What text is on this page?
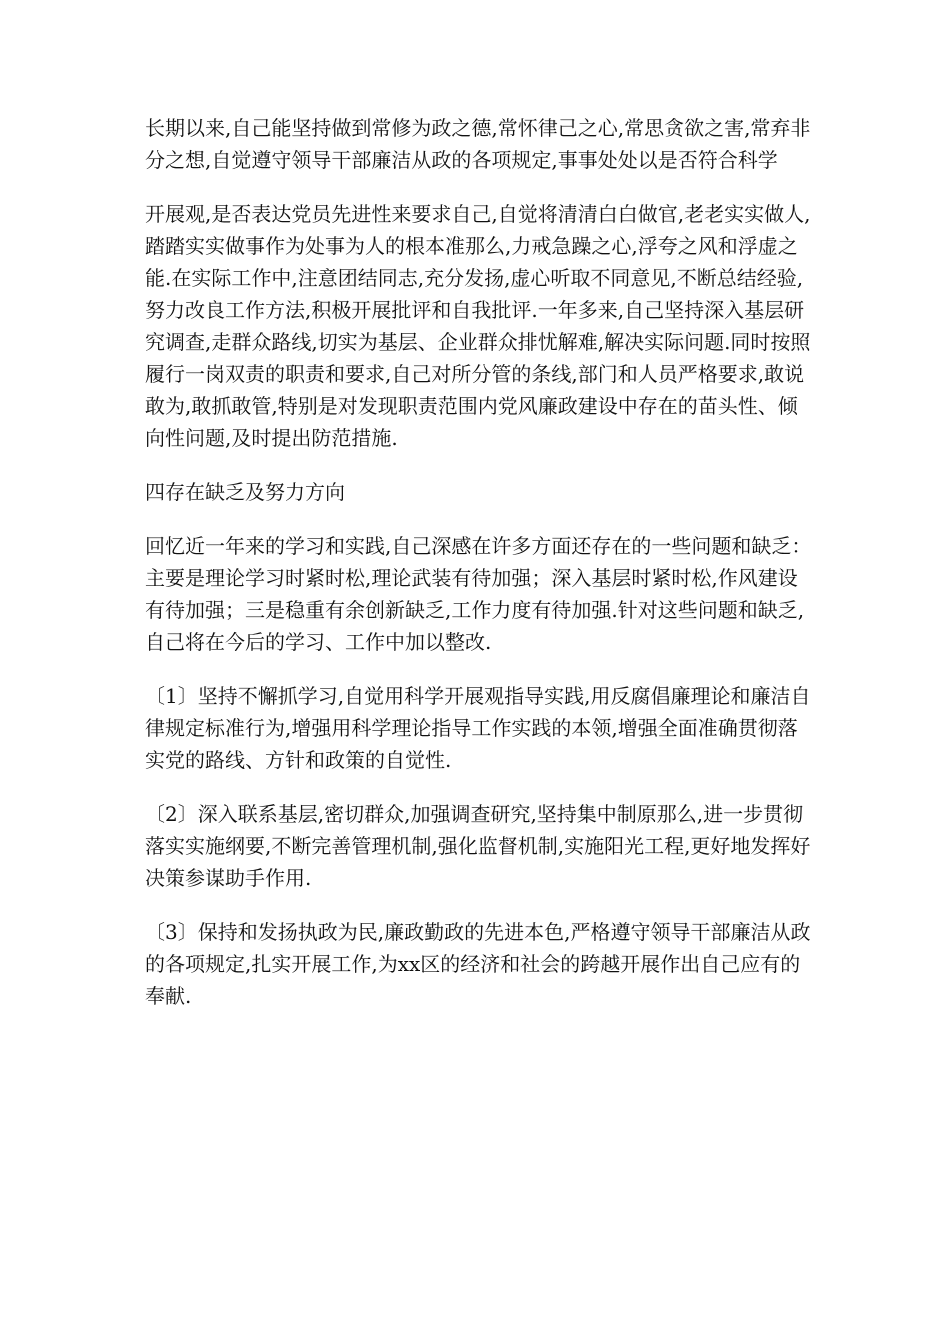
长期以来,自己能坚持做到常修为政之德,常怀律己之心,常思贪欲之害,常弃非分之想,自觉遵守领导干部廉洁从政的各项规定,事事处处以是否符合科学

开展观,是否表达党员先进性来要求自己,自觉将清清白白做官,老老实实做人,踏踏实实做事作为处事为人的根本准那么,力戒急躁之心,浮夸之风和浮虚之能.在实际工作中,注意团结同志,充分发扬,虚心听取不同意见,不断总结经验,努力改良工作方法,积极开展批评和自我批评.一年多来,自己坚持深入基层研究调查,走群众路线,切实为基层、企业群众排忧解难,解决实际问题.同时按照履行一岗双责的职责和要求,自己对所分管的条线,部门和人员严格要求,敢说敢为,敢抓敢管,特别是对发现职责范围内党风廉政建设中存在的苗头性、倾向性问题,及时提出防范措施.

四存在缺乏及努力方向

回忆近一年来的学习和实践,自己深感在许多方面还存在的一些问题和缺乏：主要是理论学习时紧时松,理论武装有待加强；深入基层时紧时松,作风建设有待加强；三是稳重有余创新缺乏,工作力度有待加强.针对这些问题和缺乏,自己将在今后的学习、工作中加以整改.

〔1〕坚持不懈抓学习,自觉用科学开展观指导实践,用反腐倡廉理论和廉洁自律规定标准行为,增强用科学理论指导工作实践的本领,增强全面准确贯彻落实党的路线、方针和政策的自觉性.

〔2〕深入联系基层,密切群众,加强调查研究,坚持集中制原那么,进一步贯彻落实实施纲要,不断完善管理机制,强化监督机制,实施阳光工程,更好地发挥好决策参谋助手作用.

〔3〕保持和发扬执政为民,廉政勤政的先进本色,严格遵守领导干部廉洁从政的各项规定,扎实开展工作,为xx区的经济和社会的跨越开展作出自己应有的奉献.
